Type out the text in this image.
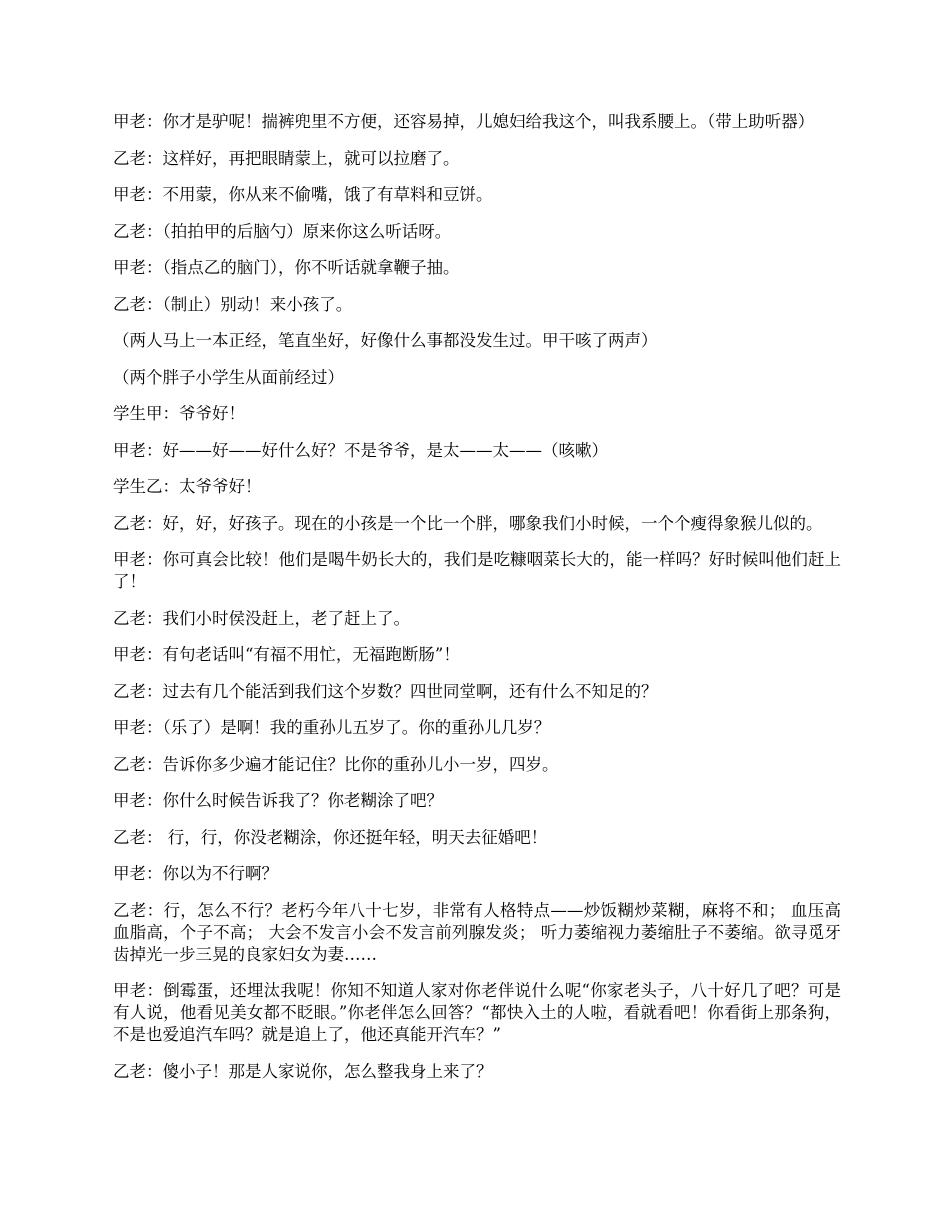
甲老：你才是驴呢！揣裤兜里不方便，还容易掉，儿媳妇给我这个，叫我系腰上。（带上助听器）

乙老：这样好，再把眼睛蒙上，就可以拉磨了。

甲老：不用蒙，你从来不偷嘴，饿了有草料和豆饼。

乙老：（拍拍甲的后脑勺）原来你这么听话呀。

甲老：（指点乙的脑门），你不听话就拿鞭子抽。

乙老：（制止）别动！来小孩了。

（两人马上一本正经，笔直坐好，好像什么事都没发生过。甲干咳了两声）

（两个胖子小学生从面前经过）

学生甲：爷爷好！

甲老：好——好——好什么好？不是爷爷，是太——太——（咳嗽）

学生乙：太爷爷好！

乙老：好，好，好孩子。现在的小孩是一个比一个胖，哪象我们小时候，一个个瘦得象猴儿似的。

甲老：你可真会比较！他们是喝牛奶长大的，我们是吃糠咽菜长大的，能一样吗？好时候叫他们赶上了！

乙老：我们小时侯没赶上，老了赶上了。

甲老：有句老话叫“有福不用忙，无福跑断肠”！

乙老：过去有几个能活到我们这个岁数？四世同堂啊，还有什么不知足的？

甲老：（乐了）是啊！我的重孙儿五岁了。你的重孙儿几岁？

乙老：告诉你多少遍才能记住？比你的重孙儿小一岁，四岁。

甲老：你什么时候告诉我了？你老糊涂了吧？

乙老： 行，行，你没老糊涂，你还挺年轻，明天去征婚吧！

甲老：你以为不行啊？

乙老：行，怎么不行？老朽今年八十七岁，非常有人格特点——炒饭糊炒菜糊，麻将不和； 血压高血脂高，个子不高； 大会不发言小会不发言前列腺发炎； 听力萎缩视力萎缩肚子不萎缩。欲寻觅牙齿掉光一步三晃的良家妇女为妻……

甲老：倒霉蛋，还埋汰我呢！你知不知道人家对你老伴说什么呢“你家老头子，八十好几了吧？可是有人说，他看见美女都不眨眼。”你老伴怎么回答？“都快入土的人啦，看就看吧！你看街上那条狗，不是也爱追汽车吗？就是追上了，他还真能开汽车？”

乙老：傻小子！那是人家说你，怎么整我身上来了？
